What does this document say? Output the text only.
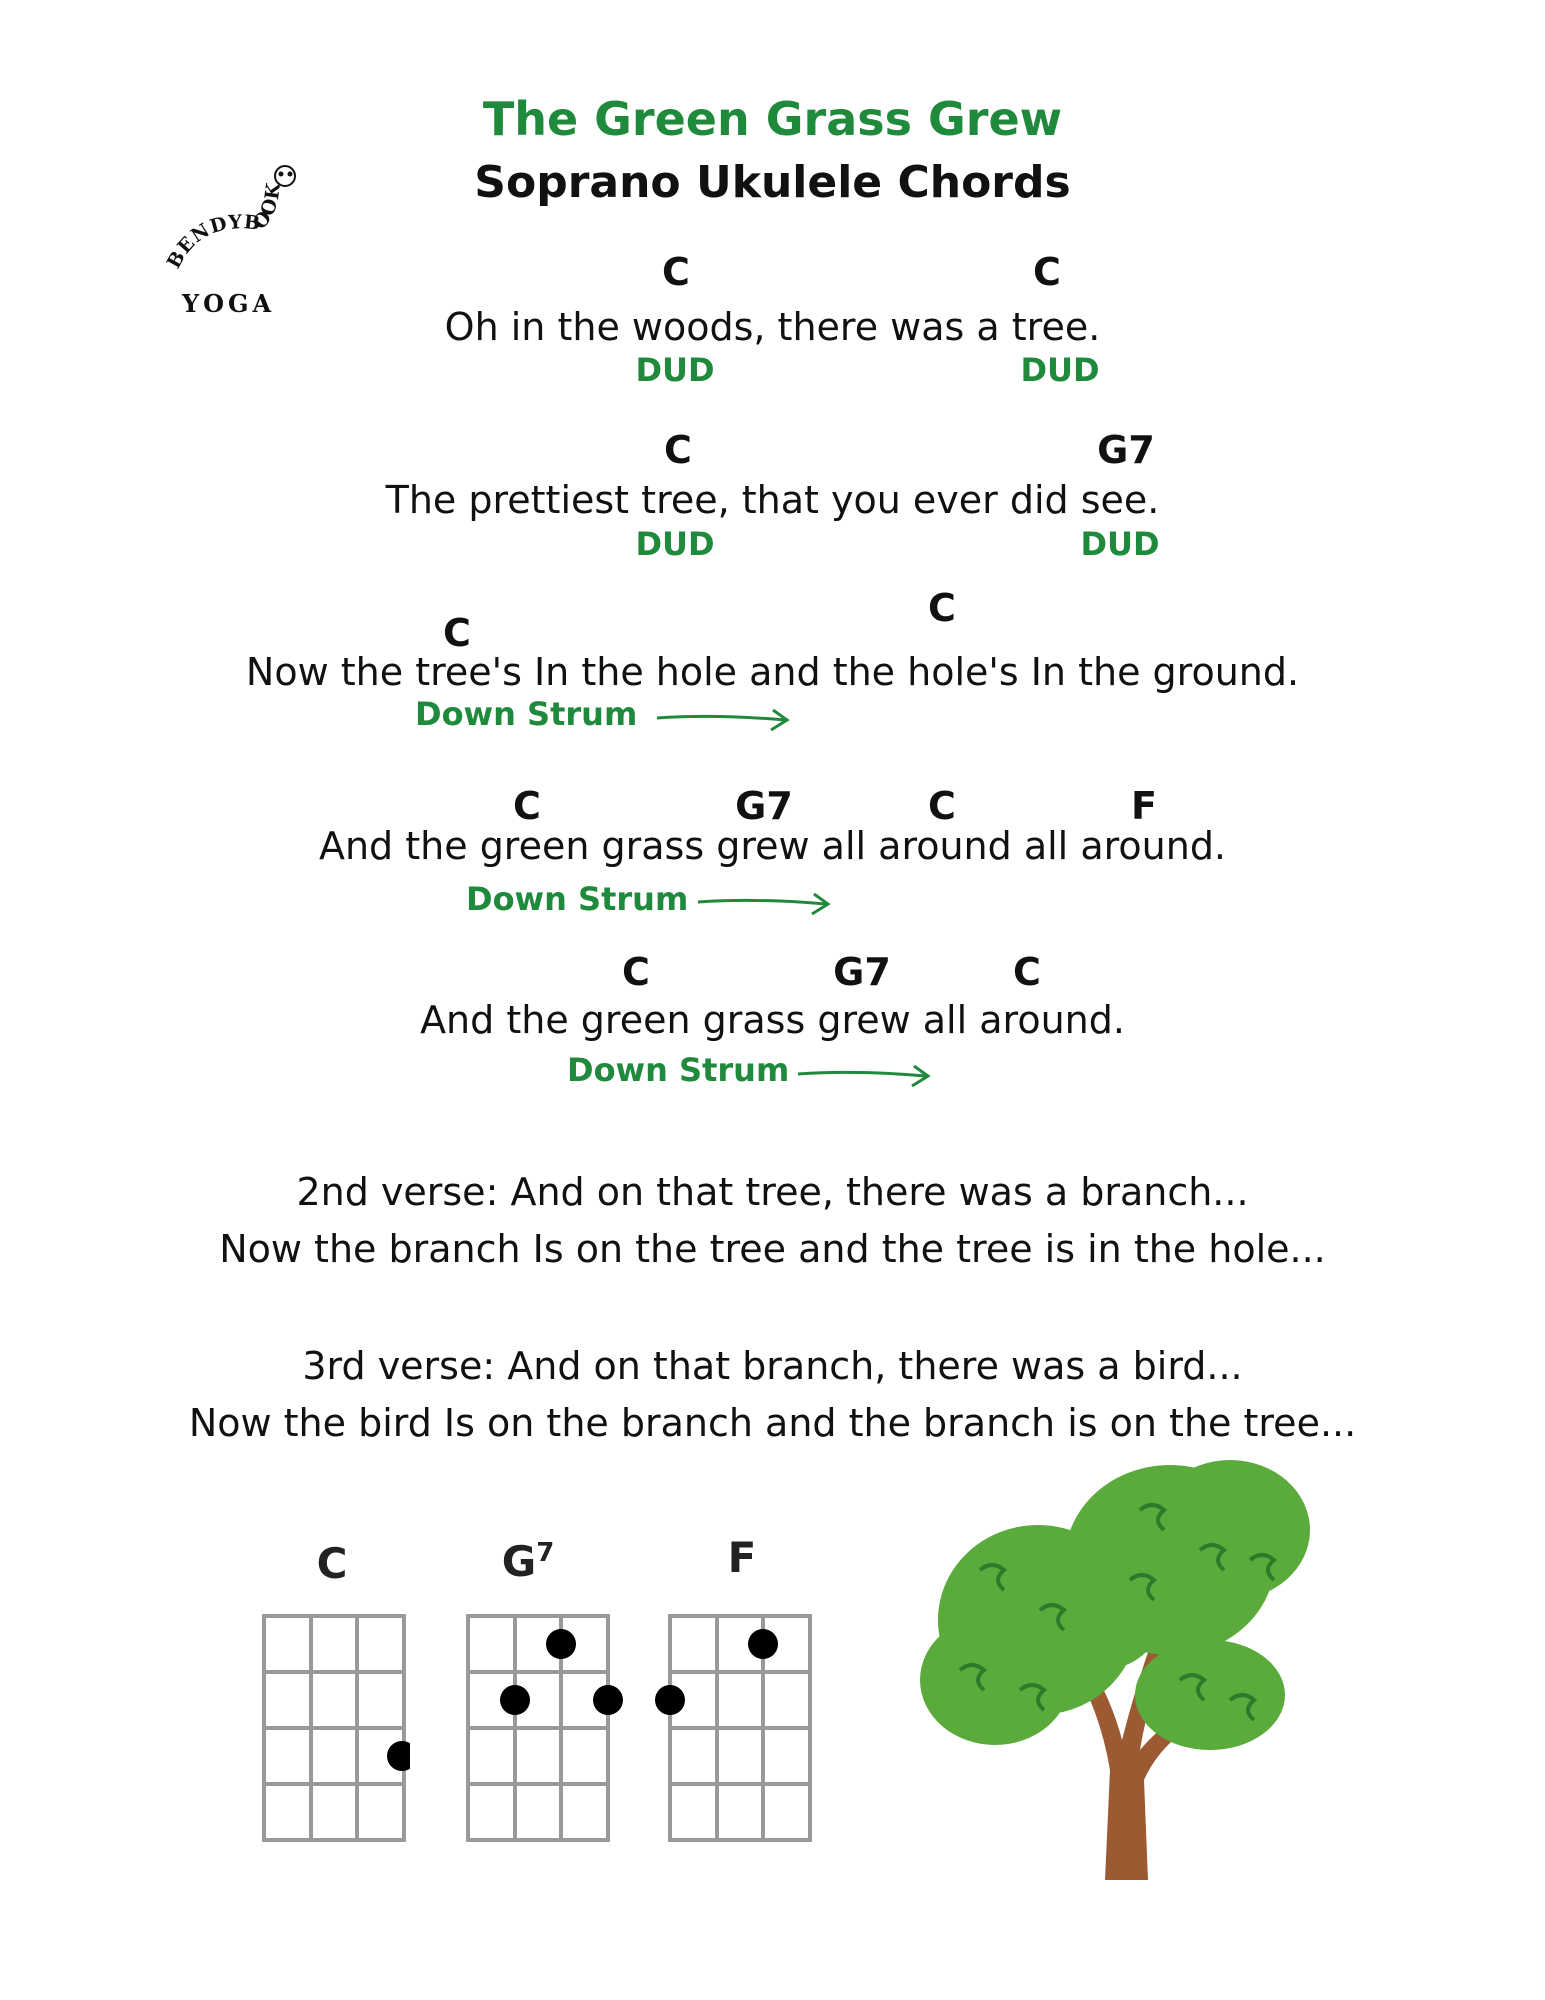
The Green Grass Grew
Soprano Ukulele Chords
BENDYBOOK
YOGA
C	C
Oh in the woods, there was a tree.
DUD	DUD
C	G7
The prettiest tree, that you ever did see.
DUD	DUD
C
C
Now the tree's In the hole and the hole's In the ground.
Down Strum
C	G7	C	F
And the green grass grew all around all around.
Down Strum
C	G7	C
And the green grass grew all around.
Down Strum
2nd verse: And on that tree, there was a branch...
Now the branch Is on the tree and the tree is in the hole...
3rd verse: And on that branch, there was a bird...
Now the bird Is on the branch and the branch is on the tree...
C	$G^7$	F
